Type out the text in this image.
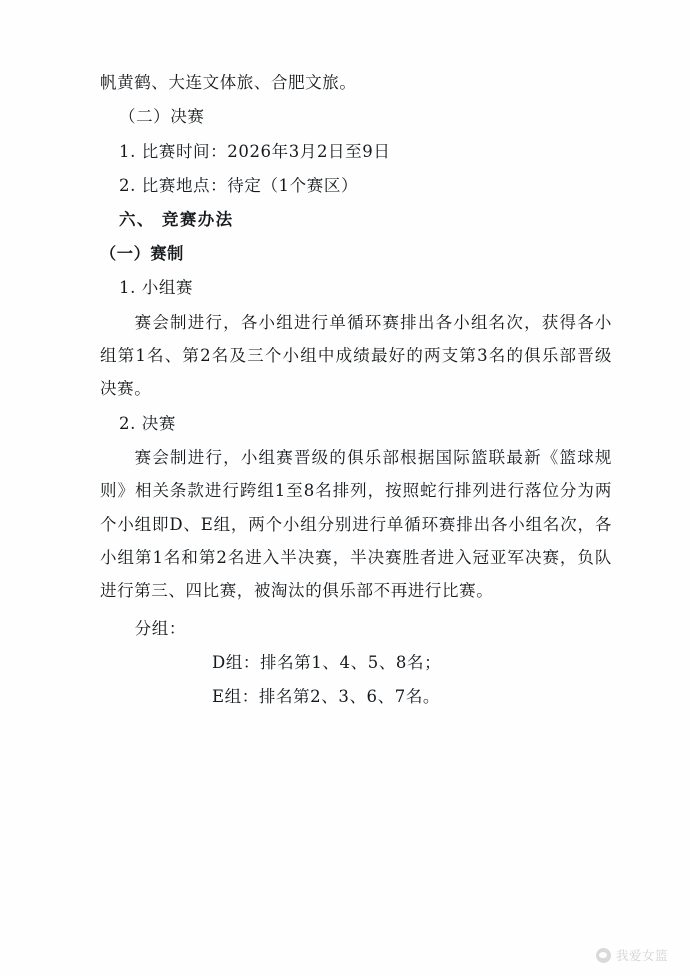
帆黄鹤、大连文体旅、合肥文旅。

（二）决赛

1. 比赛时间：2026年3月2日至9日

2. 比赛地点：待定（1个赛区）

六、 竞赛办法

（一）赛制

1. 小组赛

赛会制进行，各小组进行单循环赛排出各小组名次，获得各小组第1名、第2名及三个小组中成绩最好的两支第3名的俱乐部晋级决赛。

2. 决赛

赛会制进行，小组赛晋级的俱乐部根据国际篮联最新《篮球规则》相关条款进行跨组1至8名排列，按照蛇行排列进行落位分为两个小组即D、E组，两个小组分别进行单循环赛排出各小组名次，各小组第1名和第2名进入半决赛，半决赛胜者进入冠亚军决赛，负队进行第三、四比赛，被淘汰的俱乐部不再进行比赛。

分组：

D组：排名第1、4、5、8名；

E组：排名第2、3、6、7名。

我爱女篮
